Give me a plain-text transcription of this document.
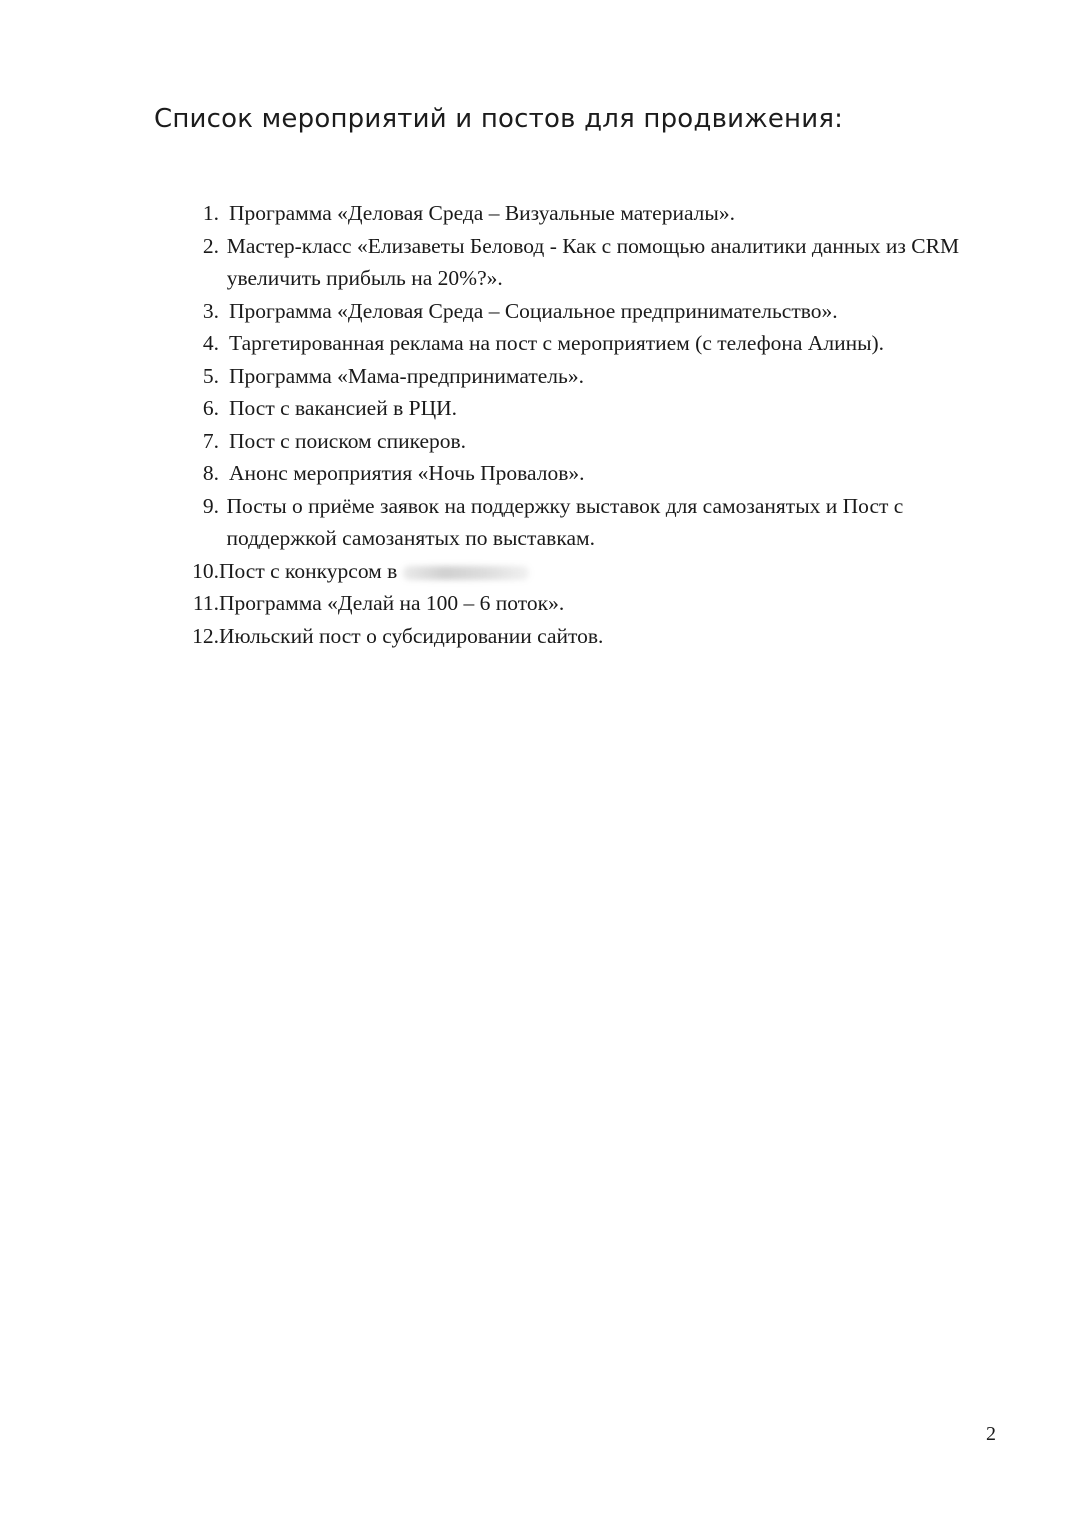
Список мероприятий и постов для продвижения:
1. Программа «Деловая Среда – Визуальные материалы».
2. Мастер-класс «Елизаветы Беловод - Как с помощью аналитики данных из CRM увеличить прибыль на 20%?».
3. Программа «Деловая Среда – Социальное предпринимательство».
4. Таргетированная реклама на пост с мероприятием (с телефона Алины).
5. Программа «Мама-предприниматель».
6. Пост с вакансией в РЦИ.
7. Пост с поиском спикеров.
8. Анонс мероприятия «Ночь Провалов».
9. Посты о приёме заявок на поддержку выставок для самозанятых и Пост с поддержкой самозанятых по выставкам.
10. Пост с конкурсом в
11. Программа «Делай на 100 – 6 поток».
12. Июльский пост о субсидировании сайтов.
2
